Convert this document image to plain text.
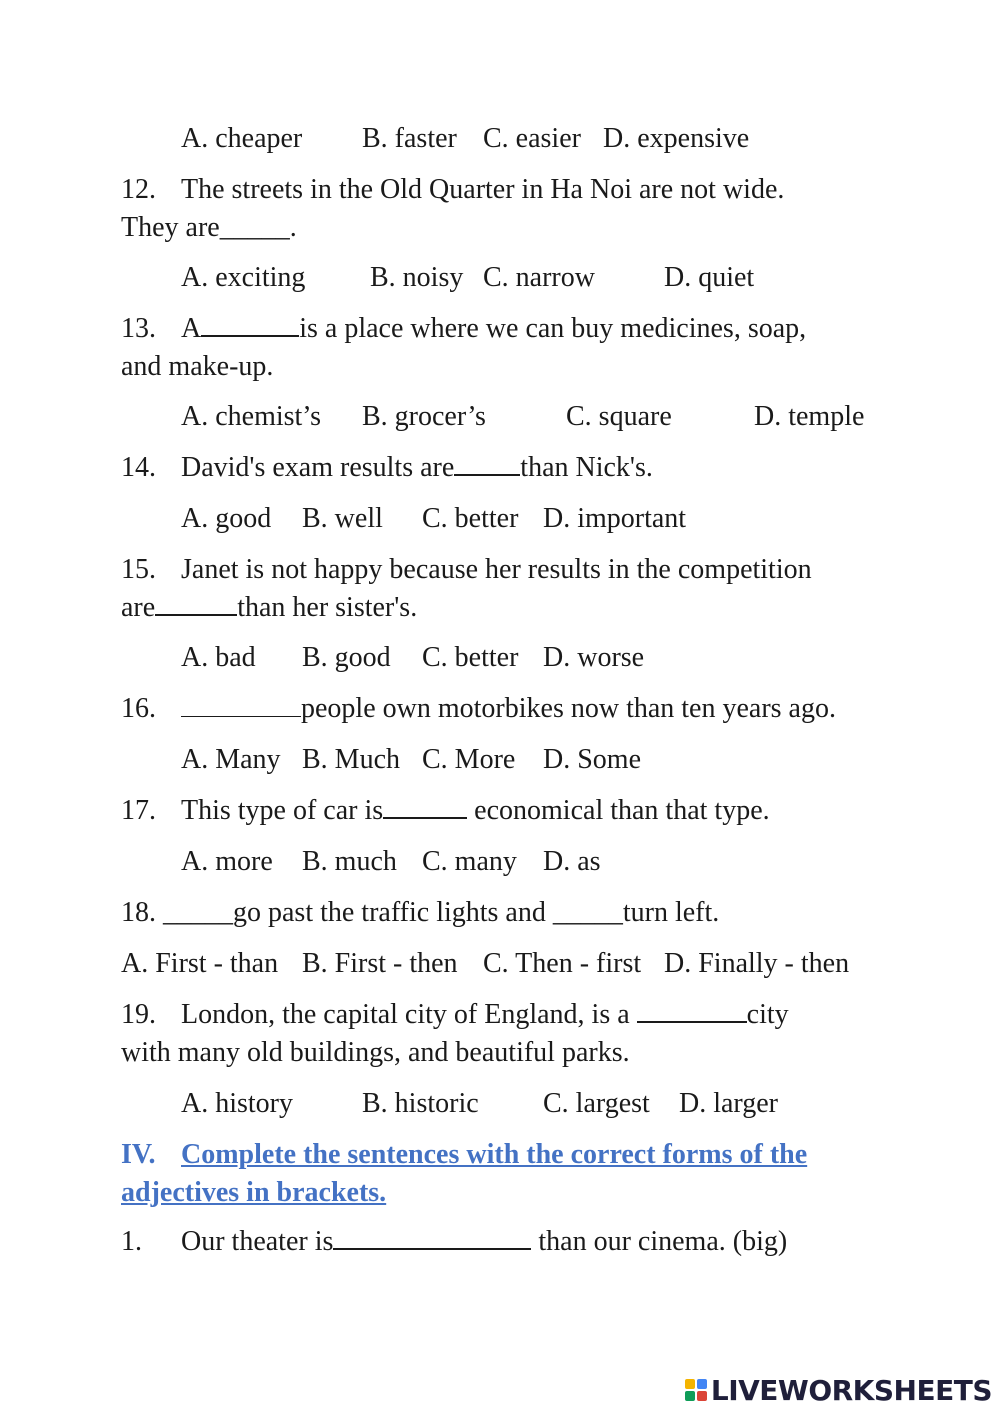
A. cheaper B. faster C. easier D. expensive
12. The streets in the Old Quarter in Ha Noi are not wide.
They are_____.
A. exciting B. noisy C. narrow D. quiet
13. A	is a place where we can buy medicines, soap,
and make-up.
A. chemist’s B. grocer’s	C. square	D. temple
14. David's exam results are than Nick's.
A. good B. well C. better D. important
15. Janet is not happy because her results in the competition
are	than her sister's.
A. bad B. good C. better D. worse
16.	people own motorbikes now than ten years ago.
A. Many B. Much C. More D. Some
17. This type of car is	economical than that type.
A. more B. much C. many D. as
18. _____go past the traffic lights and _____turn left.
A. First - than B. First - then C. Then - first D. Finally - then
19. London, the capital city of England, is a	city
with many old buildings, and beautiful parks.
A. history B. historic C. largest D. larger
IV. Complete the sentences with the correct forms of the
adjectives in brackets.
1. Our theater is	than our cinema. (big)
LIVEWORKSHEETS
